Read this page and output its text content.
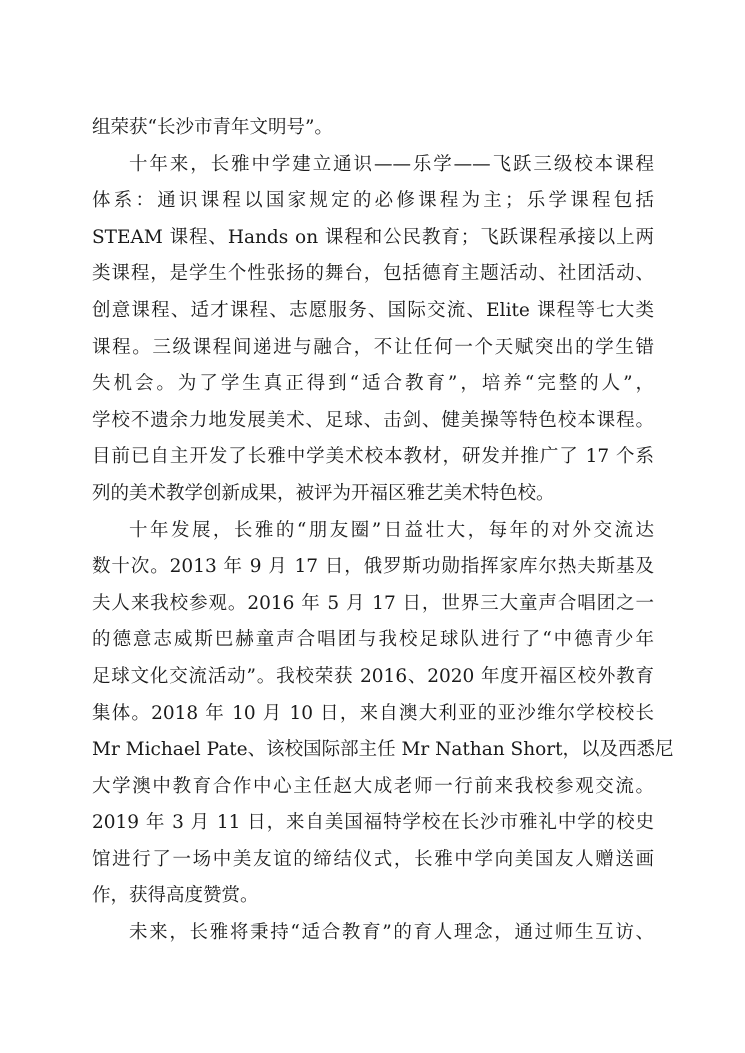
组荣获“长沙市青年文明号”。
十年来，长雅中学建立通识——乐学——飞跃三级校本课程
体系：通识课程以国家规定的必修课程为主；乐学课程包括
STEAM 课程、Hands on 课程和公民教育；飞跃课程承接以上两
类课程，是学生个性张扬的舞台，包括德育主题活动、社团活动、
创意课程、适才课程、志愿服务、国际交流、Elite 课程等七大类
课程。三级课程间递进与融合，不让任何一个天赋突出的学生错
失机会。为了学生真正得到“适合教育”，培养“完整的人”，
学校不遗余力地发展美术、足球、击剑、健美操等特色校本课程。
目前已自主开发了长雅中学美术校本教材，研发并推广了 17 个系
列的美术教学创新成果，被评为开福区雅艺美术特色校。
十年发展，长雅的“朋友圈”日益壮大，每年的对外交流达
数十次。2013 年 9 月 17 日，俄罗斯功勋指挥家库尔热夫斯基及
夫人来我校参观。2016 年 5 月 17 日，世界三大童声合唱团之一
的德意志威斯巴赫童声合唱团与我校足球队进行了“中德青少年
足球文化交流活动”。我校荣获 2016、2020 年度开福区校外教育
集体。2018 年 10 月 10 日，来自澳大利亚的亚沙维尔学校校长
Mr Michael Pate、该校国际部主任 Mr Nathan Short，以及西悉尼
大学澳中教育合作中心主任赵大成老师一行前来我校参观交流。
2019 年 3 月 11 日，来自美国福特学校在长沙市雅礼中学的校史
馆进行了一场中美友谊的缔结仪式，长雅中学向美国友人赠送画
作，获得高度赞赏。
未来，长雅将秉持“适合教育”的育人理念，通过师生互访、
